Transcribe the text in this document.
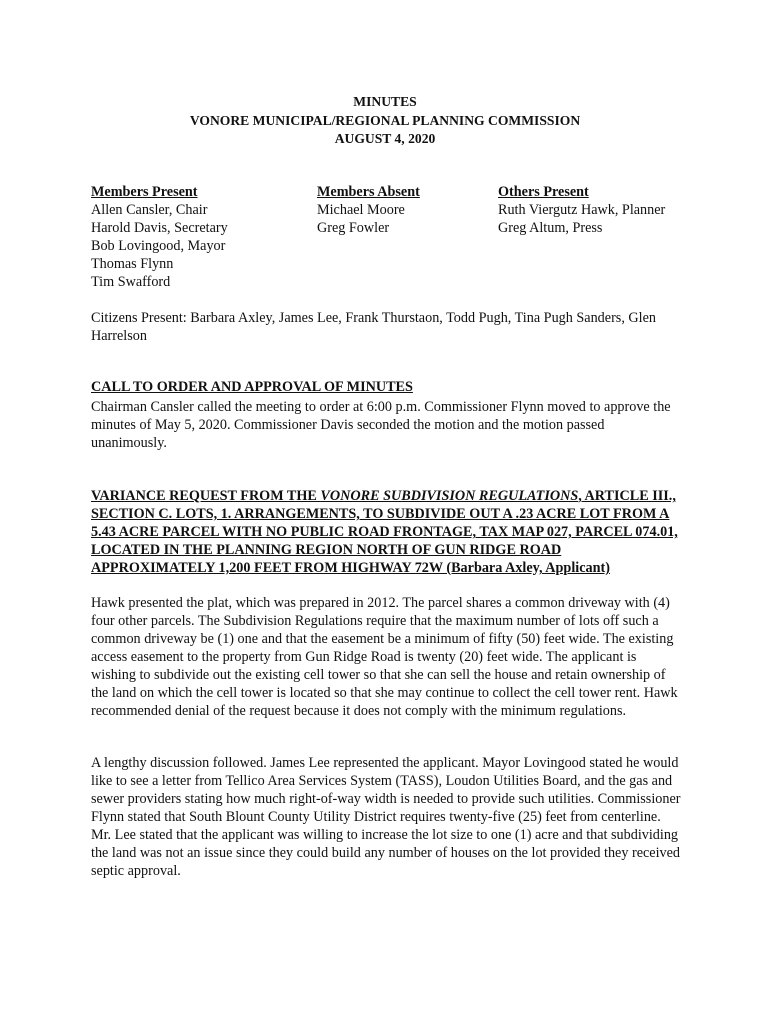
MINUTES
VONORE MUNICIPAL/REGIONAL PLANNING COMMISSION
AUGUST 4, 2020
Members Present
Allen Cansler, Chair
Harold Davis, Secretary
Bob Lovingood, Mayor
Thomas Flynn
Tim Swafford
Members Absent
Michael Moore
Greg Fowler
Others Present
Ruth Viergutz Hawk, Planner
Greg Altum, Press
Citizens Present: Barbara Axley, James Lee, Frank Thurstaon, Todd Pugh, Tina Pugh Sanders, Glen Harrelson
CALL TO ORDER AND APPROVAL OF MINUTES
Chairman Cansler called the meeting to order at 6:00 p.m. Commissioner Flynn moved to approve the minutes of May 5, 2020. Commissioner Davis seconded the motion and the motion passed unanimously.
VARIANCE REQUEST FROM THE VONORE SUBDIVISION REGULATIONS, ARTICLE III., SECTION C. LOTS, 1. ARRANGEMENTS, TO SUBDIVIDE OUT A .23 ACRE LOT FROM A 5.43 ACRE PARCEL WITH NO PUBLIC ROAD FRONTAGE, TAX MAP 027, PARCEL 074.01, LOCATED IN THE PLANNING REGION NORTH OF GUN RIDGE ROAD APPROXIMATELY 1,200 FEET FROM HIGHWAY 72W (Barbara Axley, Applicant)
Hawk presented the plat, which was prepared in 2012. The parcel shares a common driveway with (4) four other parcels. The Subdivision Regulations require that the maximum number of lots off such a common driveway be (1) one and that the easement be a minimum of fifty (50) feet wide. The existing access easement to the property from Gun Ridge Road is twenty (20) feet wide. The applicant is wishing to subdivide out the existing cell tower so that she can sell the house and retain ownership of the land on which the cell tower is located so that she may continue to collect the cell tower rent. Hawk recommended denial of the request because it does not comply with the minimum regulations.
A lengthy discussion followed. James Lee represented the applicant. Mayor Lovingood stated he would like to see a letter from Tellico Area Services System (TASS), Loudon Utilities Board, and the gas and sewer providers stating how much right-of-way width is needed to provide such utilities. Commissioner Flynn stated that South Blount County Utility District requires twenty-five (25) feet from centerline. Mr. Lee stated that the applicant was willing to increase the lot size to one (1) acre and that subdividing the land was not an issue since they could build any number of houses on the lot provided they received septic approval.
